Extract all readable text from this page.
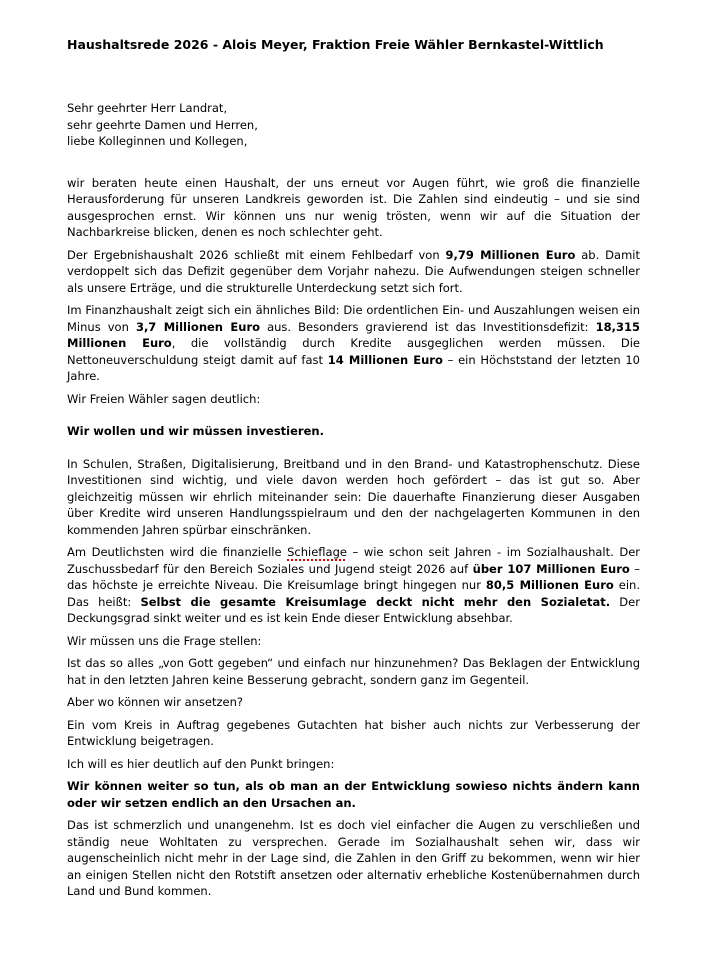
Haushaltsrede 2026 - Alois Meyer, Fraktion Freie Wähler Bernkastel-Wittlich

Sehr geehrter Herr Landrat,
sehr geehrte Damen und Herren,
liebe Kolleginnen und Kollegen,

wir beraten heute einen Haushalt, der uns erneut vor Augen führt, wie groß die finanzielle Herausforderung für unseren Landkreis geworden ist. Die Zahlen sind eindeutig – und sie sind ausgesprochen ernst. Wir können uns nur wenig trösten, wenn wir auf die Situation der Nachbarkreise blicken, denen es noch schlechter geht.

Der Ergebnishaushalt 2026 schließt mit einem Fehlbedarf von 9,79 Millionen Euro ab. Damit verdoppelt sich das Defizit gegenüber dem Vorjahr nahezu. Die Aufwendungen steigen schneller als unsere Erträge, und die strukturelle Unterdeckung setzt sich fort.

Im Finanzhaushalt zeigt sich ein ähnliches Bild: Die ordentlichen Ein- und Auszahlungen weisen ein Minus von 3,7 Millionen Euro aus. Besonders gravierend ist das Investitionsdefizit: 18,315 Millionen Euro, die vollständig durch Kredite ausgeglichen werden müssen. Die Nettoneuverschuldung steigt damit auf fast 14 Millionen Euro – ein Höchststand der letzten 10 Jahre.

Wir Freien Wähler sagen deutlich:

Wir wollen und wir müssen investieren.

In Schulen, Straßen, Digitalisierung, Breitband und in den Brand- und Katastrophenschutz. Diese Investitionen sind wichtig, und viele davon werden hoch gefördert – das ist gut so. Aber gleichzeitig müssen wir ehrlich miteinander sein: Die dauerhafte Finanzierung dieser Ausgaben über Kredite wird unseren Handlungsspielraum und den der nachgelagerten Kommunen in den kommenden Jahren spürbar einschränken.

Am Deutlichsten wird die finanzielle Schieflage – wie schon seit Jahren - im Sozialhaushalt. Der Zuschussbedarf für den Bereich Soziales und Jugend steigt 2026 auf über 107 Millionen Euro – das höchste je erreichte Niveau. Die Kreisumlage bringt hingegen nur 80,5 Millionen Euro ein. Das heißt: Selbst die gesamte Kreisumlage deckt nicht mehr den Sozialetat. Der Deckungsgrad sinkt weiter und es ist kein Ende dieser Entwicklung absehbar.

Wir müssen uns die Frage stellen:

Ist das so alles „von Gott gegeben“ und einfach nur hinzunehmen? Das Beklagen der Entwicklung hat in den letzten Jahren keine Besserung gebracht, sondern ganz im Gegenteil.

Aber wo können wir ansetzen?

Ein vom Kreis in Auftrag gegebenes Gutachten hat bisher auch nichts zur Verbesserung der Entwicklung beigetragen.

Ich will es hier deutlich auf den Punkt bringen:

Wir können weiter so tun, als ob man an der Entwicklung sowieso nichts ändern kann oder wir setzen endlich an den Ursachen an.

Das ist schmerzlich und unangenehm. Ist es doch viel einfacher die Augen zu verschließen und ständig neue Wohltaten zu versprechen. Gerade im Sozialhaushalt sehen wir, dass wir augenscheinlich nicht mehr in der Lage sind, die Zahlen in den Griff zu bekommen, wenn wir hier an einigen Stellen nicht den Rotstift ansetzen oder alternativ erhebliche Kostenübernahmen durch Land und Bund kommen.
